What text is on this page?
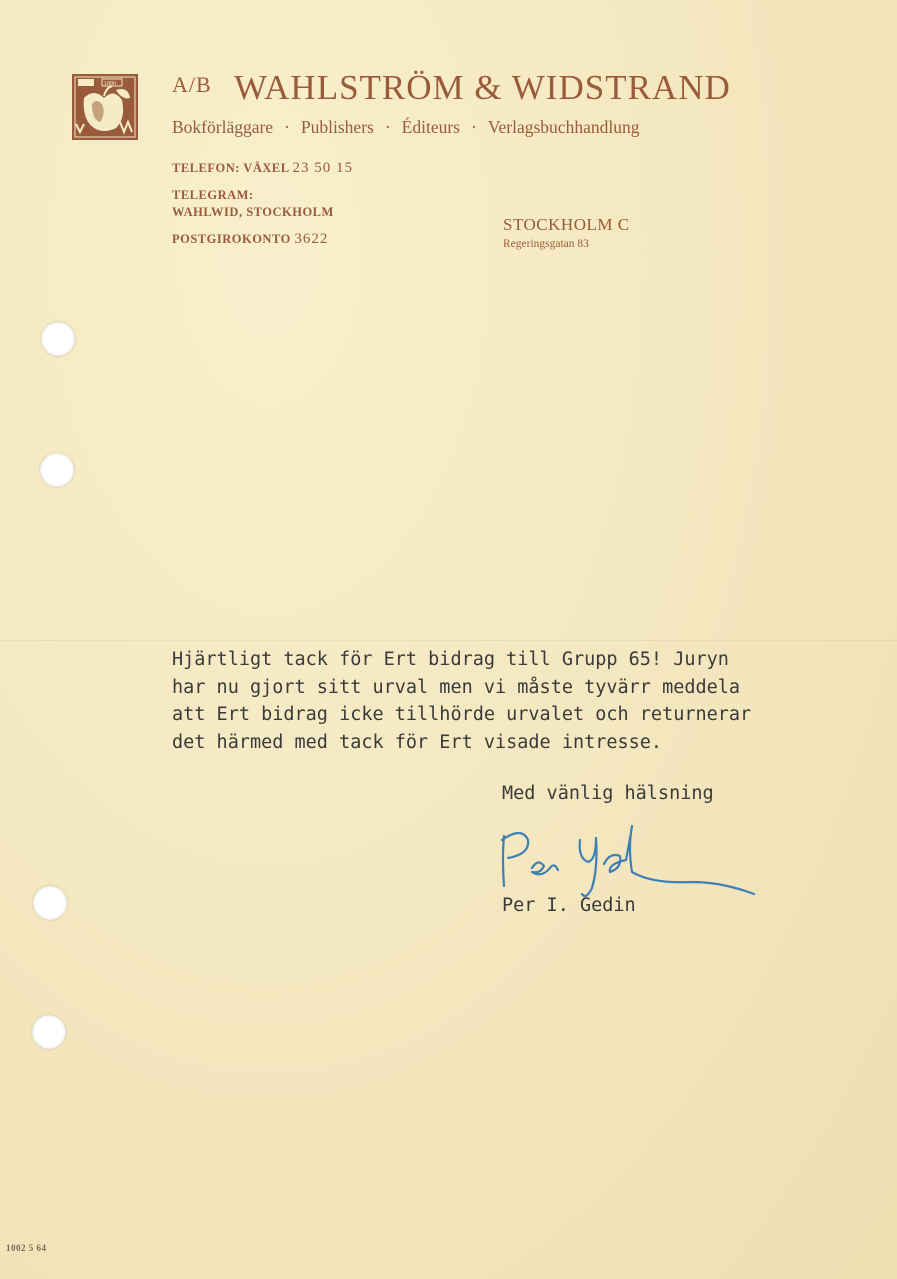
1880	A/B WAHLSTRÖM & WIDSTRAND
Bokförläggare · Publishers · Éditeurs · Verlagsbuchhandlung
TELEFON: VÄXEL 23 50 15
TELEGRAM:
WAHLWID, STOCKHOLM
POSTGIROKONTO 3622
STOCKHOLM C
Regeringsgatan 83
Hjärtligt tack för Ert bidrag till Grupp 65! Juryn
har nu gjort sitt urval men vi måste tyvärr meddela
att Ert bidrag icke tillhörde urvalet och returnerar
det härmed med tack för Ert visade intresse.
Med vänlig hälsning
Per I. Gedin
1002 5 64
